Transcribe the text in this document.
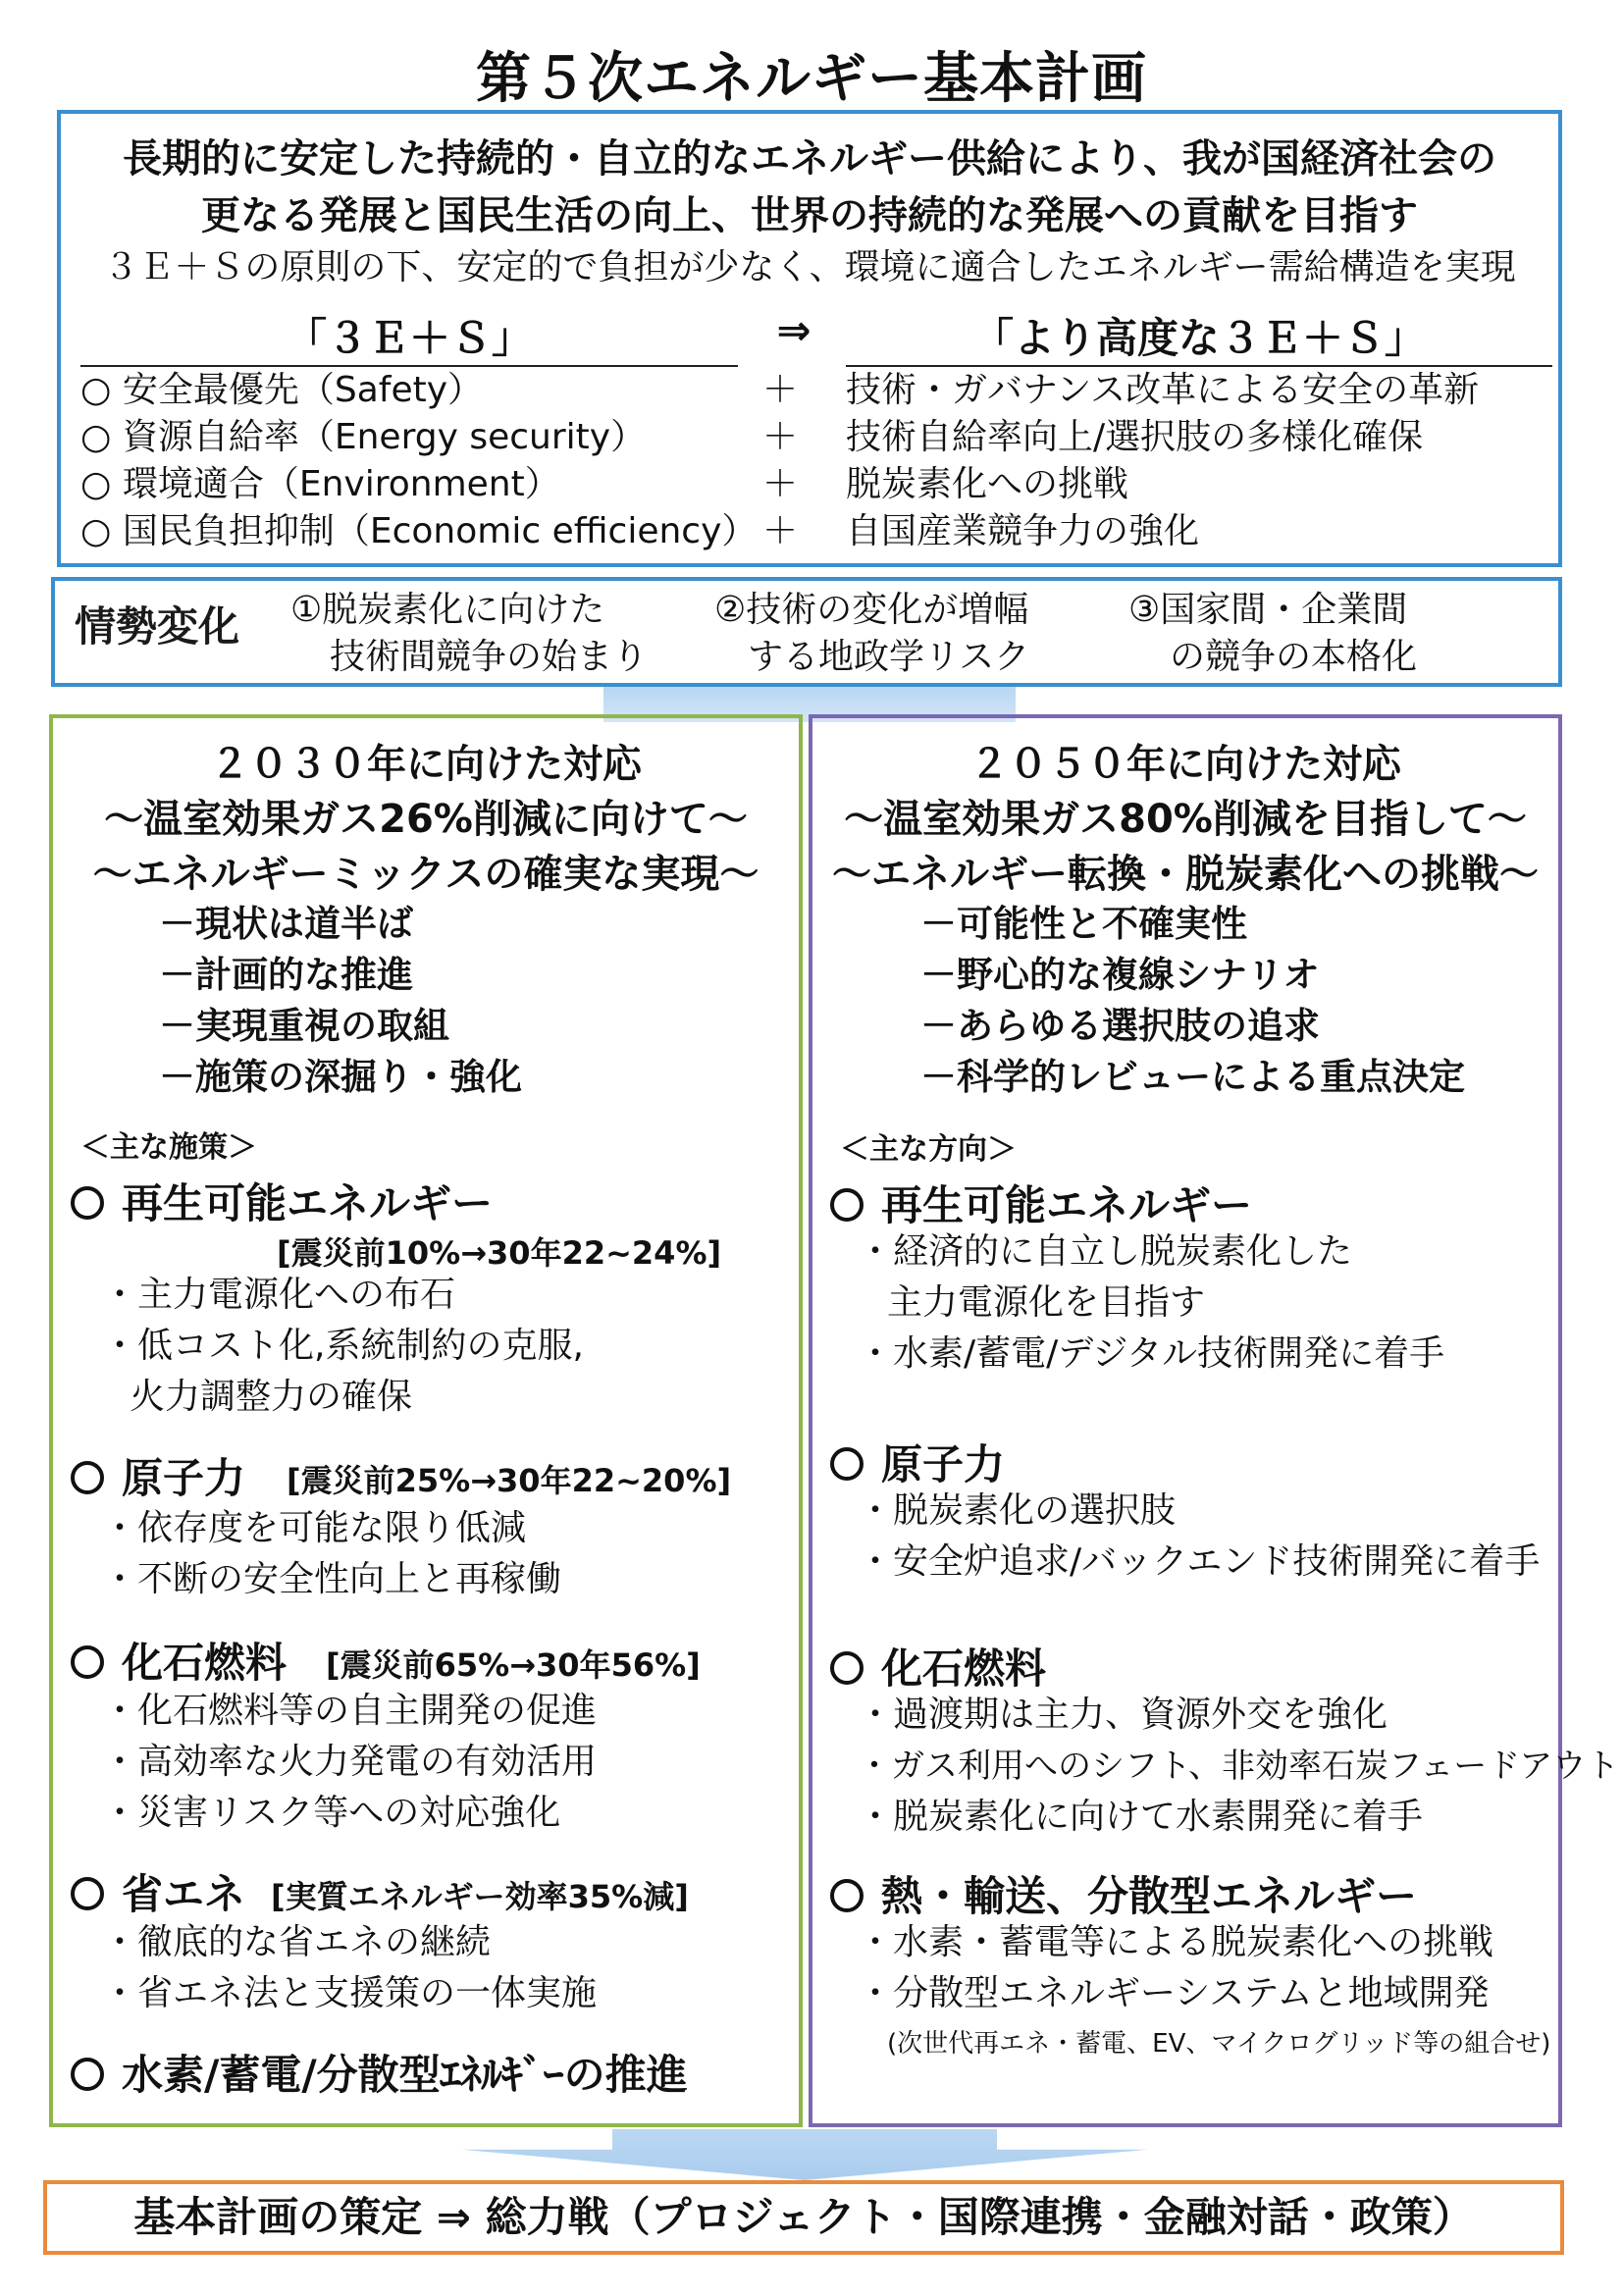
第５次エネルギー基本計画
長期的に安定した持続的・自立的なエネルギー供給により、我が国経済社会の
更なる発展と国民生活の向上、世界の持続的な発展への貢献を目指す
３Ｅ＋Ｓの原則の下、安定的で負担が少なく、環境に適合したエネルギー需給構造を実現
「３Ｅ＋Ｓ」	⇒	「より高度な３Ｅ＋Ｓ」
○ 安全最優先（Safety）	＋ 技術・ガバナンス改革による安全の革新
○ 資源自給率（Energy security）	＋ 技術自給率向上/選択肢の多様化確保
○ 環境適合（Environment）	＋ 脱炭素化への挑戦
○ 国民負担抑制（Economic efficiency） ＋ 自国産業競争力の強化
情勢変化 ①脱炭素化に向けた
技術間競争の始まり
②技術の変化が増幅
する地政学リスク
③国家間・企業間
の競争の本格化
２０３０年に向けた対応
～温室効果ガス26%削減に向けて～
～エネルギーミックスの確実な実現～
－現状は道半ば
－計画的な推進
－実現重視の取組
－施策の深掘り・強化
＜主な施策＞
再生可能エネルギー
[震災前10%→30年22~24%]
・主力電源化への布石
・低コスト化,系統制約の克服,
火力調整力の確保
原子力 [震災前25%→30年22~20%]
・依存度を可能な限り低減
・不断の安全性向上と再稼働
化石燃料 [震災前65%→30年56%]
・化石燃料等の自主開発の促進
・高効率な火力発電の有効活用
・災害リスク等への対応強化
省エネ [実質エネルギー効率35%減]
・徹底的な省エネの継続
・省エネ法と支援策の一体実施
水素/蓄電/分散型ｴﾈﾙｷﾞｰの推進
２０５０年に向けた対応
～温室効果ガス80%削減を目指して～
～エネルギー転換・脱炭素化への挑戦～
－可能性と不確実性
－野心的な複線シナリオ
－あらゆる選択肢の追求
－科学的レビューによる重点決定
＜主な方向＞
再生可能エネルギー
・経済的に自立し脱炭素化した
主力電源化を目指す
・水素/蓄電/デジタル技術開発に着手
原子力
・脱炭素化の選択肢
・安全炉追求/バックエンド技術開発に着手
化石燃料
・過渡期は主力、資源外交を強化
・ガス利用へのシフト、非効率石炭フェードアウト
・脱炭素化に向けて水素開発に着手
熱・輸送、分散型エネルギー
・水素・蓄電等による脱炭素化への挑戦
・分散型エネルギーシステムと地域開発
(次世代再エネ・蓄電、EV、マイクログリッド等の組合せ)
基本計画の策定 ⇒ 総力戦（プロジェクト・国際連携・金融対話・政策）
